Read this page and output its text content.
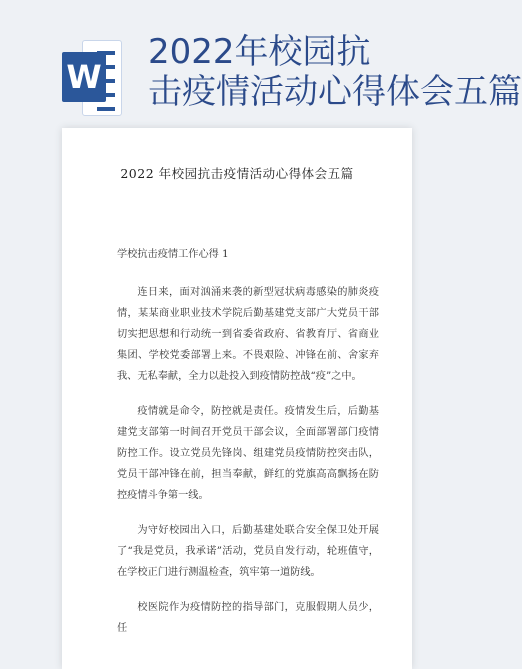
W
2022年校园抗
击疫情活动心得体会五篇
2022 年校园抗击疫情活动心得体会五篇

学校抗击疫情工作心得 1

连日来，面对汹涌来袭的新型冠状病毒感染的肺炎疫情，某某商业职业技术学院后勤基建党支部广大党员干部切实把思想和行动统一到省委省政府、省教育厅、省商业集团、学校党委部署上来。不畏艰险、冲锋在前、舍家弃我、无私奉献，全力以赴投入到疫情防控战“疫”之中。

疫情就是命令，防控就是责任。疫情发生后，后勤基建党支部第一时间召开党员干部会议，全面部署部门疫情防控工作。设立党员先锋岗、组建党员疫情防控突击队，党员干部冲锋在前，担当奉献，鲜红的党旗高高飘扬在防控疫情斗争第一线。

为守好校园出入口，后勤基建处联合安全保卫处开展了“我是党员，我承诺”活动，党员自发行动，轮班值守，在学校正门进行测温检查，筑牢第一道防线。

校医院作为疫情防控的指导部门，克服假期人员少，任
